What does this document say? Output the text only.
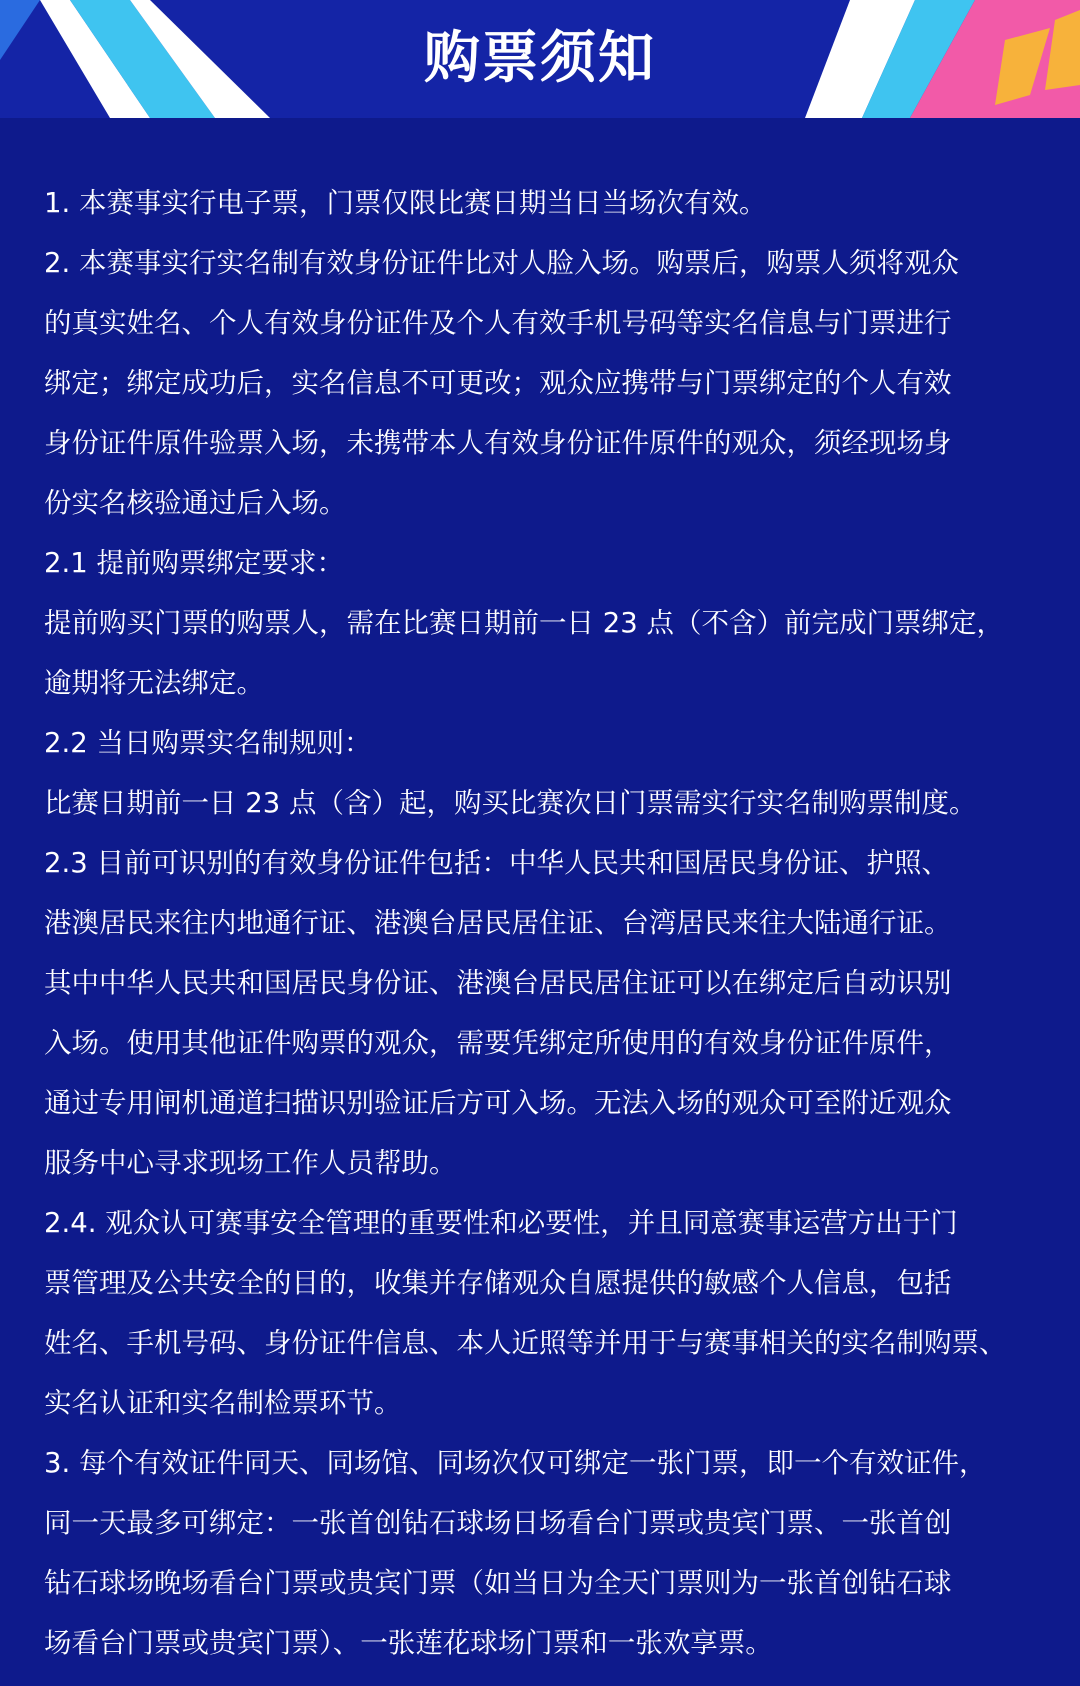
购票须知
1. 本赛事实行电子票，门票仅限比赛日期当日当场次有效。
2. 本赛事实行实名制有效身份证件比对人脸入场。购票后，购票人须将观众
的真实姓名、个人有效身份证件及个人有效手机号码等实名信息与门票进行
绑定；绑定成功后，实名信息不可更改；观众应携带与门票绑定的个人有效
身份证件原件验票入场，未携带本人有效身份证件原件的观众，须经现场身
份实名核验通过后入场。
2.1 提前购票绑定要求：
提前购买门票的购票人，需在比赛日期前一日 23 点（不含）前完成门票绑定，
逾期将无法绑定。
2.2 当日购票实名制规则：
比赛日期前一日 23 点（含）起，购买比赛次日门票需实行实名制购票制度。
2.3 目前可识别的有效身份证件包括：中华人民共和国居民身份证、护照、
港澳居民来往内地通行证、港澳台居民居住证、台湾居民来往大陆通行证。
其中中华人民共和国居民身份证、港澳台居民居住证可以在绑定后自动识别
入场。使用其他证件购票的观众，需要凭绑定所使用的有效身份证件原件，
通过专用闸机通道扫描识别验证后方可入场。无法入场的观众可至附近观众
服务中心寻求现场工作人员帮助。
2.4. 观众认可赛事安全管理的重要性和必要性，并且同意赛事运营方出于门
票管理及公共安全的目的，收集并存储观众自愿提供的敏感个人信息，包括
姓名、手机号码、身份证件信息、本人近照等并用于与赛事相关的实名制购票、
实名认证和实名制检票环节。
3. 每个有效证件同天、同场馆、同场次仅可绑定一张门票，即一个有效证件，
同一天最多可绑定：一张首创钻石球场日场看台门票或贵宾门票、一张首创
钻石球场晚场看台门票或贵宾门票（如当日为全天门票则为一张首创钻石球
场看台门票或贵宾门票）、一张莲花球场门票和一张欢享票。
